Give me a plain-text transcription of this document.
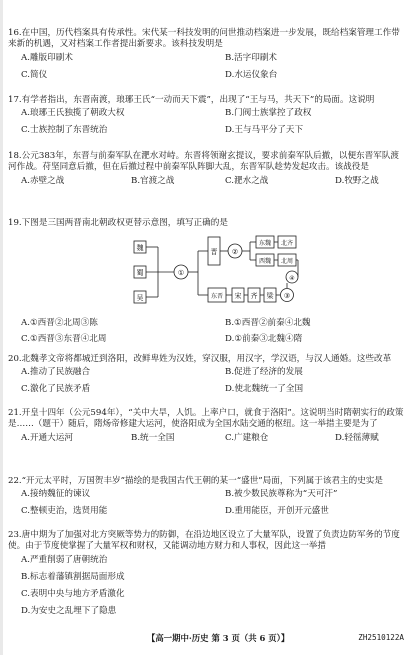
16.在中国，历代档案具有传承性。宋代某一科技发明的问世推动档案进一步发展，既给档案管理工作带来新的机遇，又对档案工作者提出新要求。该科技发明是

A.雕版印刷术	B.活字印刷术
C.简仪	D.水运仪象台

17.有学者指出，东晋南渡，琅琊王氏“一动而天下震”，出现了“王与马，共天下”的局面。这说明

A.琅琊王氏独揽了朝政大权	B.门阀士族掌控了政权
C.士族控制了东晋统治	D.王与马平分了天下

18.公元383年，东晋与前秦军队在淝水对峙。东晋将领谢玄提议，要求前秦军队后撤，以便东晋军队渡河作战。苻坚同意后撤，但在后撤过程中前秦军队阵脚大乱，东晋军队趁势发起攻击。该战役是

A.赤壁之战	B.官渡之战	C.淝水之战	D.牧野之战

19.下图是三国两晋南北朝政权更替示意图，填写正确的是

魏
蜀
吴
①
晋 ②
东魏
西魏
北齐
北周
东晋 宋 齐 梁 ③
④
A.①西晋②北周③陈	B.①西晋②前秦④北魏
C.①西晋③东晋④北周	D.①前秦③北魏④隋

20.北魏孝文帝将都城迁到洛阳，改鲜卑姓为汉姓，穿汉服，用汉字，学汉语，与汉人通婚。这些改革

A.推动了民族融合	B.促进了经济的发展
C.激化了民族矛盾	D.使北魏统一了全国

21.开皇十四年（公元594年），“关中大旱，人饥。上率户口，就食于洛阳”。这说明当时隋朝实行的政策是……（题干）随后，隋炀帝修建大运河，使洛阳成为全国水陆交通的枢纽。这一举措主要是为了

A.开通大运河	B.统一全国	C.广建粮仓	D.轻徭薄赋

22.“开元太平时，万国贺丰岁”描绘的是我国古代王朝的某一“盛世”局面，下列属于该君主的史实是

A.接纳魏征的谏议	B.被少数民族尊称为“天可汗”
C.整顿吏治，选贤用能	D.重用能臣，开创开元盛世

23.唐中期为了加强对北方突厥等势力的防御，在沿边地区设立了大量军队，设置了负责边防军务的节度使。由于节度使掌握了大量军权和财权，又能调动地方财力和人事权，因此这一举措

A.严重削弱了唐朝统治
B.标志着藩镇割据局面形成
C.表明中央与地方矛盾激化
D.为安史之乱埋下了隐患
【高一期中·历史 第 3 页（共 6 页）】	ZH2510122A
